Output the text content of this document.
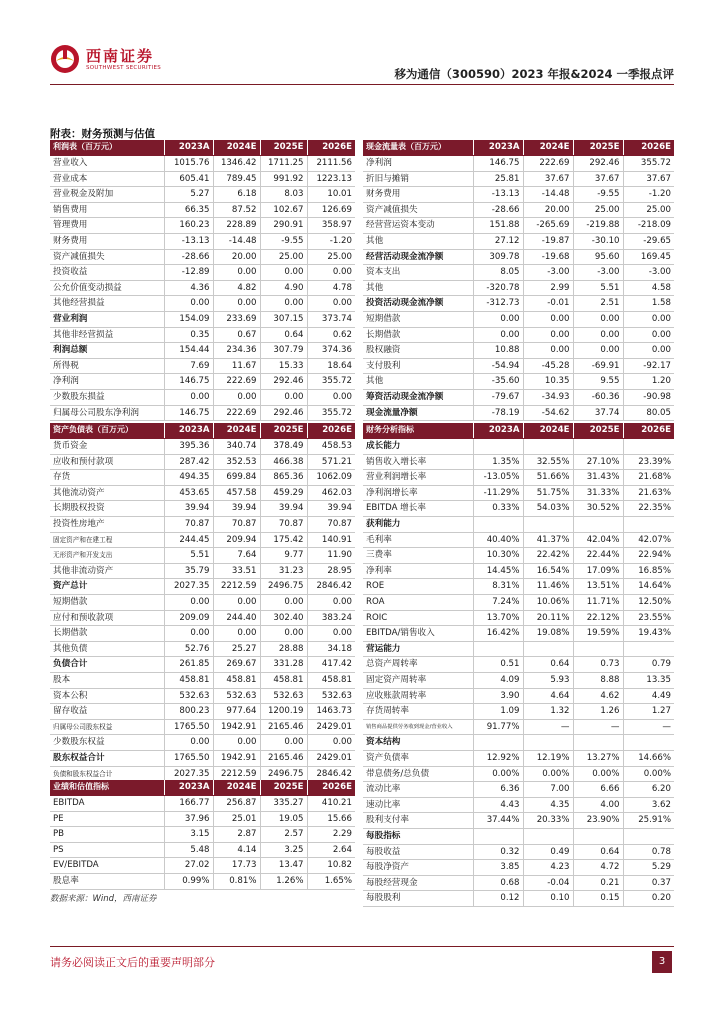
西南证券
SOUTHWEST SECURITIES	移为通信（300590）2023 年报&2024 一季报点评
附表：财务预测与估值
利润表（百万元）	2023A	2024E	2025E	2026E
营业收入	1015.76	1346.42	1711.25	2111.56
营业成本	605.41	789.45	991.92	1223.13
营业税金及附加	5.27	6.18	8.03	10.01
销售费用	66.35	87.52	102.67	126.69
管理费用	160.23	228.89	290.91	358.97
财务费用	-13.13	-14.48	-9.55	-1.20
资产减值损失	-28.66	20.00	25.00	25.00
投资收益	-12.89	0.00	0.00	0.00
公允价值变动损益	4.36	4.82	4.90	4.78
其他经营损益	0.00	0.00	0.00	0.00
营业利润	154.09	233.69	307.15	373.74
其他非经营损益	0.35	0.67	0.64	0.62
利润总额	154.44	234.36	307.79	374.36
所得税	7.69	11.67	15.33	18.64
净利润	146.75	222.69	292.46	355.72
少数股东损益	0.00	0.00	0.00	0.00
归属母公司股东净利润	146.75	222.69	292.46	355.72
现金流量表（百万元）	2023A	2024E	2025E	2026E
净利润	146.75	222.69	292.46	355.72
折旧与摊销	25.81	37.67	37.67	37.67
财务费用	-13.13	-14.48	-9.55	-1.20
资产减值损失	-28.66	20.00	25.00	25.00
经营营运资本变动	151.88	-265.69	-219.88	-218.09
其他	27.12	-19.87	-30.10	-29.65
经营活动现金流净额	309.78	-19.68	95.60	169.45
资本支出	8.05	-3.00	-3.00	-3.00
其他	-320.78	2.99	5.51	4.58
投资活动现金流净额	-312.73	-0.01	2.51	1.58
短期借款	0.00	0.00	0.00	0.00
长期借款	0.00	0.00	0.00	0.00
股权融资	10.88	0.00	0.00	0.00
支付股利	-54.94	-45.28	-69.91	-92.17
其他	-35.60	10.35	9.55	1.20
筹资活动现金流净额	-79.67	-34.93	-60.36	-90.98
现金流量净额	-78.19	-54.62	37.74	80.05
资产负债表（百万元）	2023A	2024E	2025E	2026E
货币资金	395.36	340.74	378.49	458.53
应收和预付款项	287.42	352.53	466.38	571.21
存货	494.35	699.84	865.36	1062.09
其他流动资产	453.65	457.58	459.29	462.03
长期股权投资	39.94	39.94	39.94	39.94
投资性房地产	70.87	70.87	70.87	70.87
固定资产和在建工程	244.45	209.94	175.42	140.91
无形资产和开发支出	5.51	7.64	9.77	11.90
其他非流动资产	35.79	33.51	31.23	28.95
资产总计	2027.35	2212.59	2496.75	2846.42
短期借款	0.00	0.00	0.00	0.00
应付和预收款项	209.09	244.40	302.40	383.24
长期借款	0.00	0.00	0.00	0.00
其他负债	52.76	25.27	28.88	34.18
负债合计	261.85	269.67	331.28	417.42
股本	458.81	458.81	458.81	458.81
资本公积	532.63	532.63	532.63	532.63
留存收益	800.23	977.64	1200.19	1463.73
归属母公司股东权益	1765.50	1942.91	2165.46	2429.01
少数股东权益	0.00	0.00	0.00	0.00
股东权益合计	1765.50	1942.91	2165.46	2429.01
负债和股东权益合计	2027.35	2212.59	2496.75	2846.42
财务分析指标	2023A	2024E	2025E	2026E
成长能力				
销售收入增长率	1.35%	32.55%	27.10%	23.39%
营业利润增长率	-13.05%	51.66%	31.43%	21.68%
净利润增长率	-11.29%	51.75%	31.33%	21.63%
EBITDA 增长率	0.33%	54.03%	30.52%	22.35%
获利能力				
毛利率	40.40%	41.37%	42.04%	42.07%
三费率	10.30%	22.42%	22.44%	22.94%
净利率	14.45%	16.54%	17.09%	16.85%
ROE	8.31%	11.46%	13.51%	14.64%
ROA	7.24%	10.06%	11.71%	12.50%
ROIC	13.70%	20.11%	22.12%	23.55%
EBITDA/销售收入	16.42%	19.08%	19.59%	19.43%
营运能力				
总资产周转率	0.51	0.64	0.73	0.79
固定资产周转率	4.09	5.93	8.88	13.35
应收账款周转率	3.90	4.64	4.62	4.49
存货周转率	1.09	1.32	1.26	1.27
销售商品提供劳务收到现金/营业收入	91.77%	—	—	—
资本结构				
资产负债率	12.92%	12.19%	13.27%	14.66%
带息债务/总负债	0.00%	0.00%	0.00%	0.00%
流动比率	6.36	7.00	6.66	6.20
速动比率	4.43	4.35	4.00	3.62
股利支付率	37.44%	20.33%	23.90%	25.91%
每股指标				
每股收益	0.32	0.49	0.64	0.78
每股净资产	3.85	4.23	4.72	5.29
每股经营现金	0.68	-0.04	0.21	0.37
每股股利	0.12	0.10	0.15	0.20
业绩和估值指标	2023A	2024E	2025E	2026E
EBITDA	166.77	256.87	335.27	410.21
PE	37.96	25.01	19.05	15.66
PB	3.15	2.87	2.57	2.29
PS	5.48	4.14	3.25	2.64
EV/EBITDA	27.02	17.73	13.47	10.82
股息率	0.99%	0.81%	1.26%	1.65%
数据来源：Wind，西南证券
请务必阅读正文后的重要声明部分	3
